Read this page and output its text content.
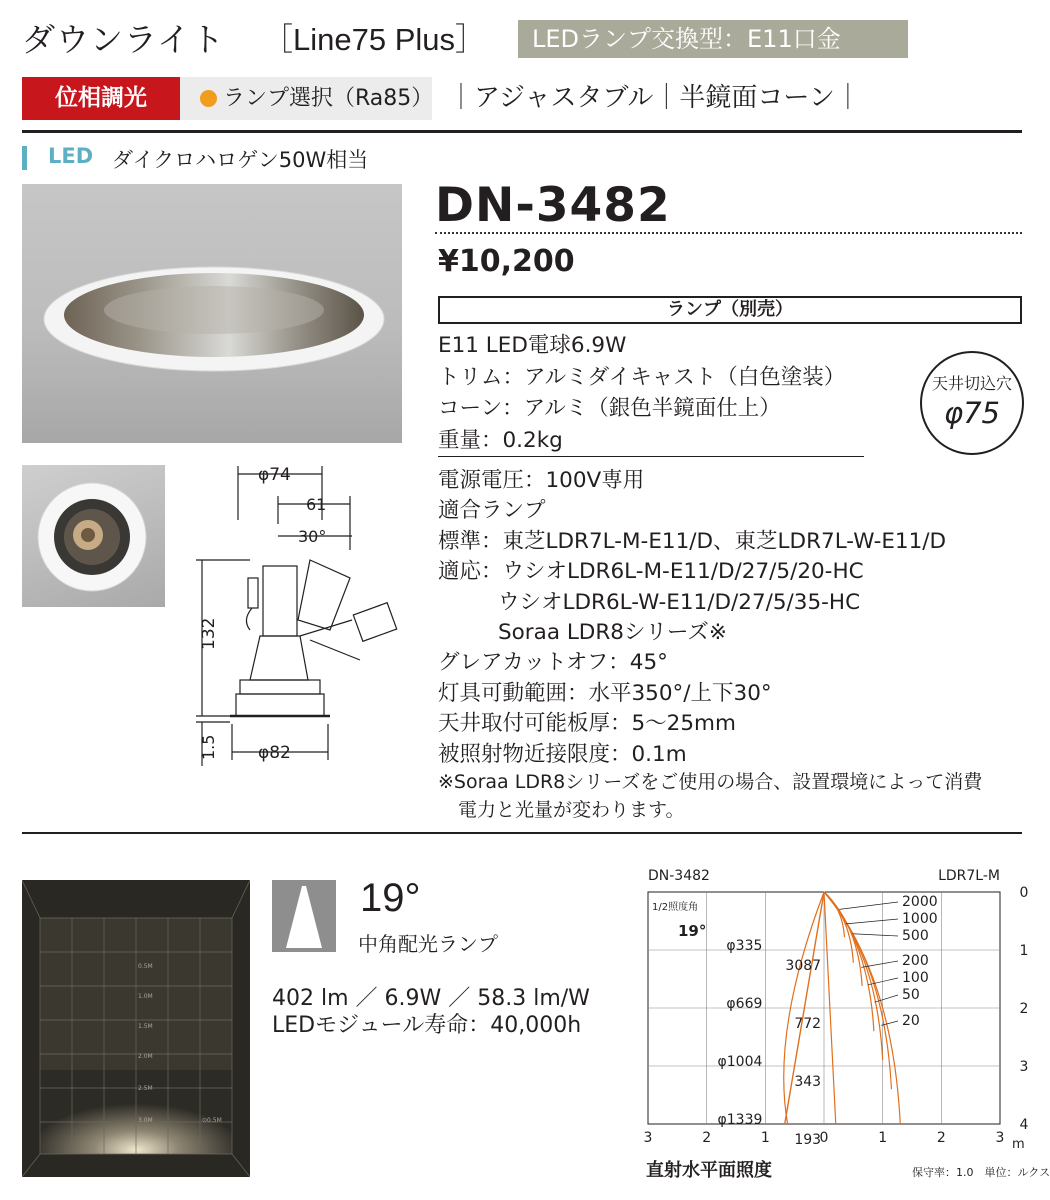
ダウンライト ［Line75 Plus］	LEDランプ交換型：E11口金
位相調光	ランプ選択（Ra85） ｜アジャスタブル｜半鏡面コーン｜
LED ダイクロハロゲン50W相当
φ74
61
30°
132
1.5 φ82
DN-3482
¥10,200
ランプ（別売）
E11 LED電球6.9W
トリム：アルミダイキャスト（白色塗装）
コーン：アルミ（銀色半鏡面仕上）
重量：0.2kg
天井切込穴
φ75
電源電圧：100V専用
適合ランプ
標準：東芝LDR7L-M-E11/D、東芝LDR7L-W-E11/D
適応：ウシオLDR6L-M-E11/D/27/5/20-HC
ウシオLDR6L-W-E11/D/27/5/35-HC
Soraa LDR8シリーズ※
グレアカットオフ：45°
灯具可動範囲：水平350°/上下30°
天井取付可能板厚：5～25mm
被照射物近接限度：0.1m
※Soraa LDR8シリーズをご使用の場合、設置環境によって消費
電力と光量が変わります。
0.5M
1.0M
1.5M
2.0M
2.5M
3.0M	⊙0.5M
19°
中角配光ランプ
402 lm ／ 6.9W ／ 58.3 lm/W
LEDモジュール寿命：40,000h
DN-3482	LDR7L-M
1/2照度角
19°
3	2	1	0	1	2	3 m
0
1
2
3
4
2000
1000
500
200
100
50
20
φ335
3087
φ669
772
φ1004
343
φ1339
193
直射水平面照度	保守率：1.0　単位：ルクス
